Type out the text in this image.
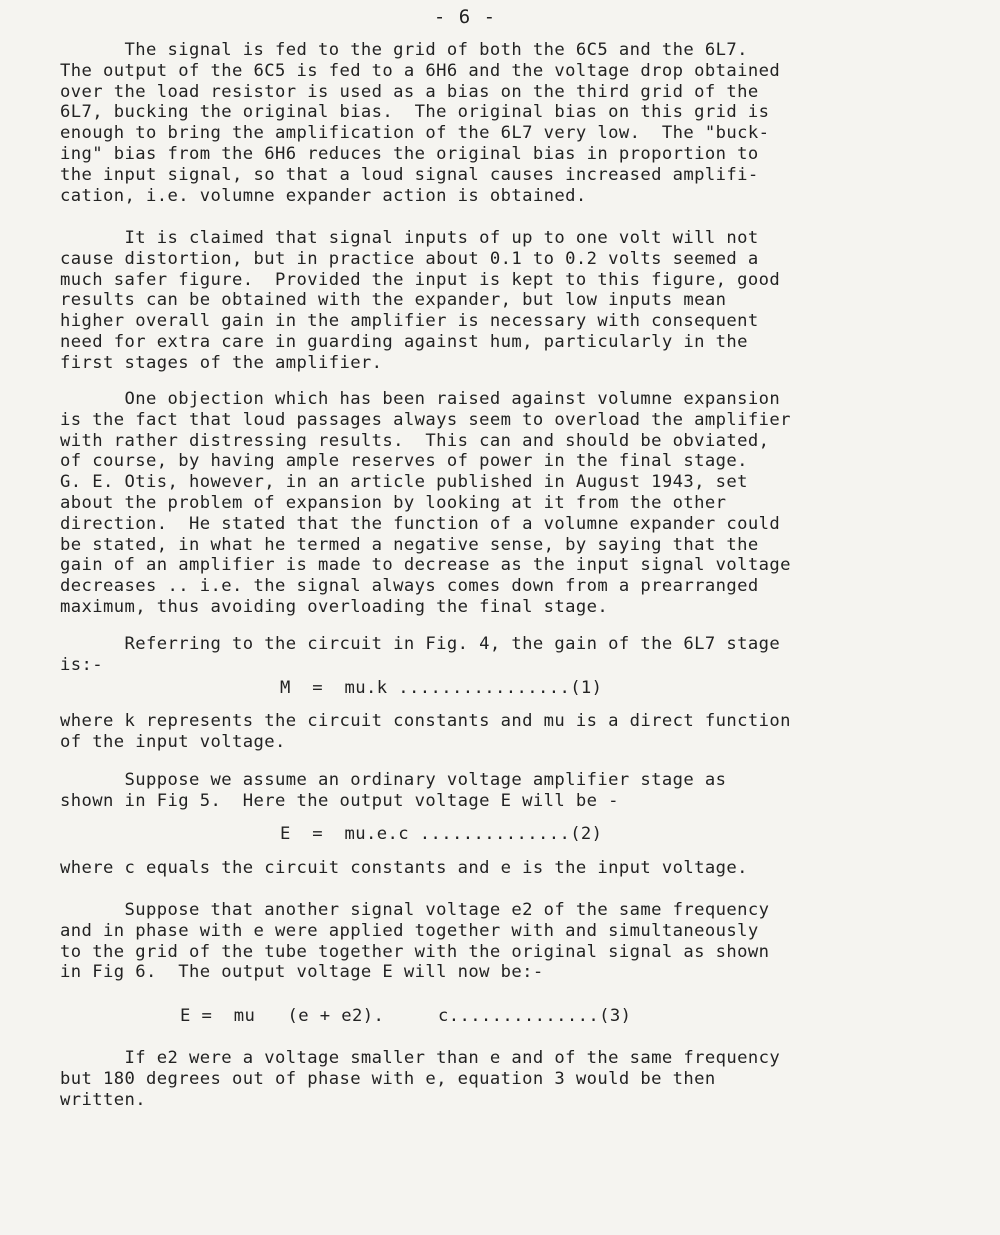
- 6 -
The signal is fed to the grid of both the 6C5 and the 6L7.
The output of the 6C5 is fed to a 6H6 and the voltage drop obtained
over the load resistor is used as a bias on the third grid of the
6L7, bucking the original bias.  The original bias on this grid is
enough to bring the amplification of the 6L7 very low.  The "buck-
ing" bias from the 6H6 reduces the original bias in proportion to
the input signal, so that a loud signal causes increased amplifi-
cation, i.e. volumne expander action is obtained.
It is claimed that signal inputs of up to one volt will not
cause distortion, but in practice about 0.1 to 0.2 volts seemed a
much safer figure.  Provided the input is kept to this figure, good
results can be obtained with the expander, but low inputs mean
higher overall gain in the amplifier is necessary with consequent
need for extra care in guarding against hum, particularly in the
first stages of the amplifier.
One objection which has been raised against volumne expansion
is the fact that loud passages always seem to overload the amplifier
with rather distressing results.  This can and should be obviated,
of course, by having ample reserves of power in the final stage.
G. E. Otis, however, in an article published in August 1943, set
about the problem of expansion by looking at it from the other
direction.  He stated that the function of a volumne expander could
be stated, in what he termed a negative sense, by saying that the
gain of an amplifier is made to decrease as the input signal voltage
decreases .. i.e. the signal always comes down from a prearranged
maximum, thus avoiding overloading the final stage.
Referring to the circuit in Fig. 4, the gain of the 6L7 stage
is:-
M  =  mu.k ................(1)
where k represents the circuit constants and mu is a direct function
of the input voltage.
Suppose we assume an ordinary voltage amplifier stage as
shown in Fig 5.  Here the output voltage E will be -
E  =  mu.e.c ..............(2)
where c equals the circuit constants and e is the input voltage.
Suppose that another signal voltage e2 of the same frequency
and in phase with e were applied together with and simultaneously
to the grid of the tube together with the original signal as shown
in Fig 6.  The output voltage E will now be:-
E =  mu   (e + e2).     c..............(3)
If e2 were a voltage smaller than e and of the same frequency
but 180 degrees out of phase with e, equation 3 would be then
written.
